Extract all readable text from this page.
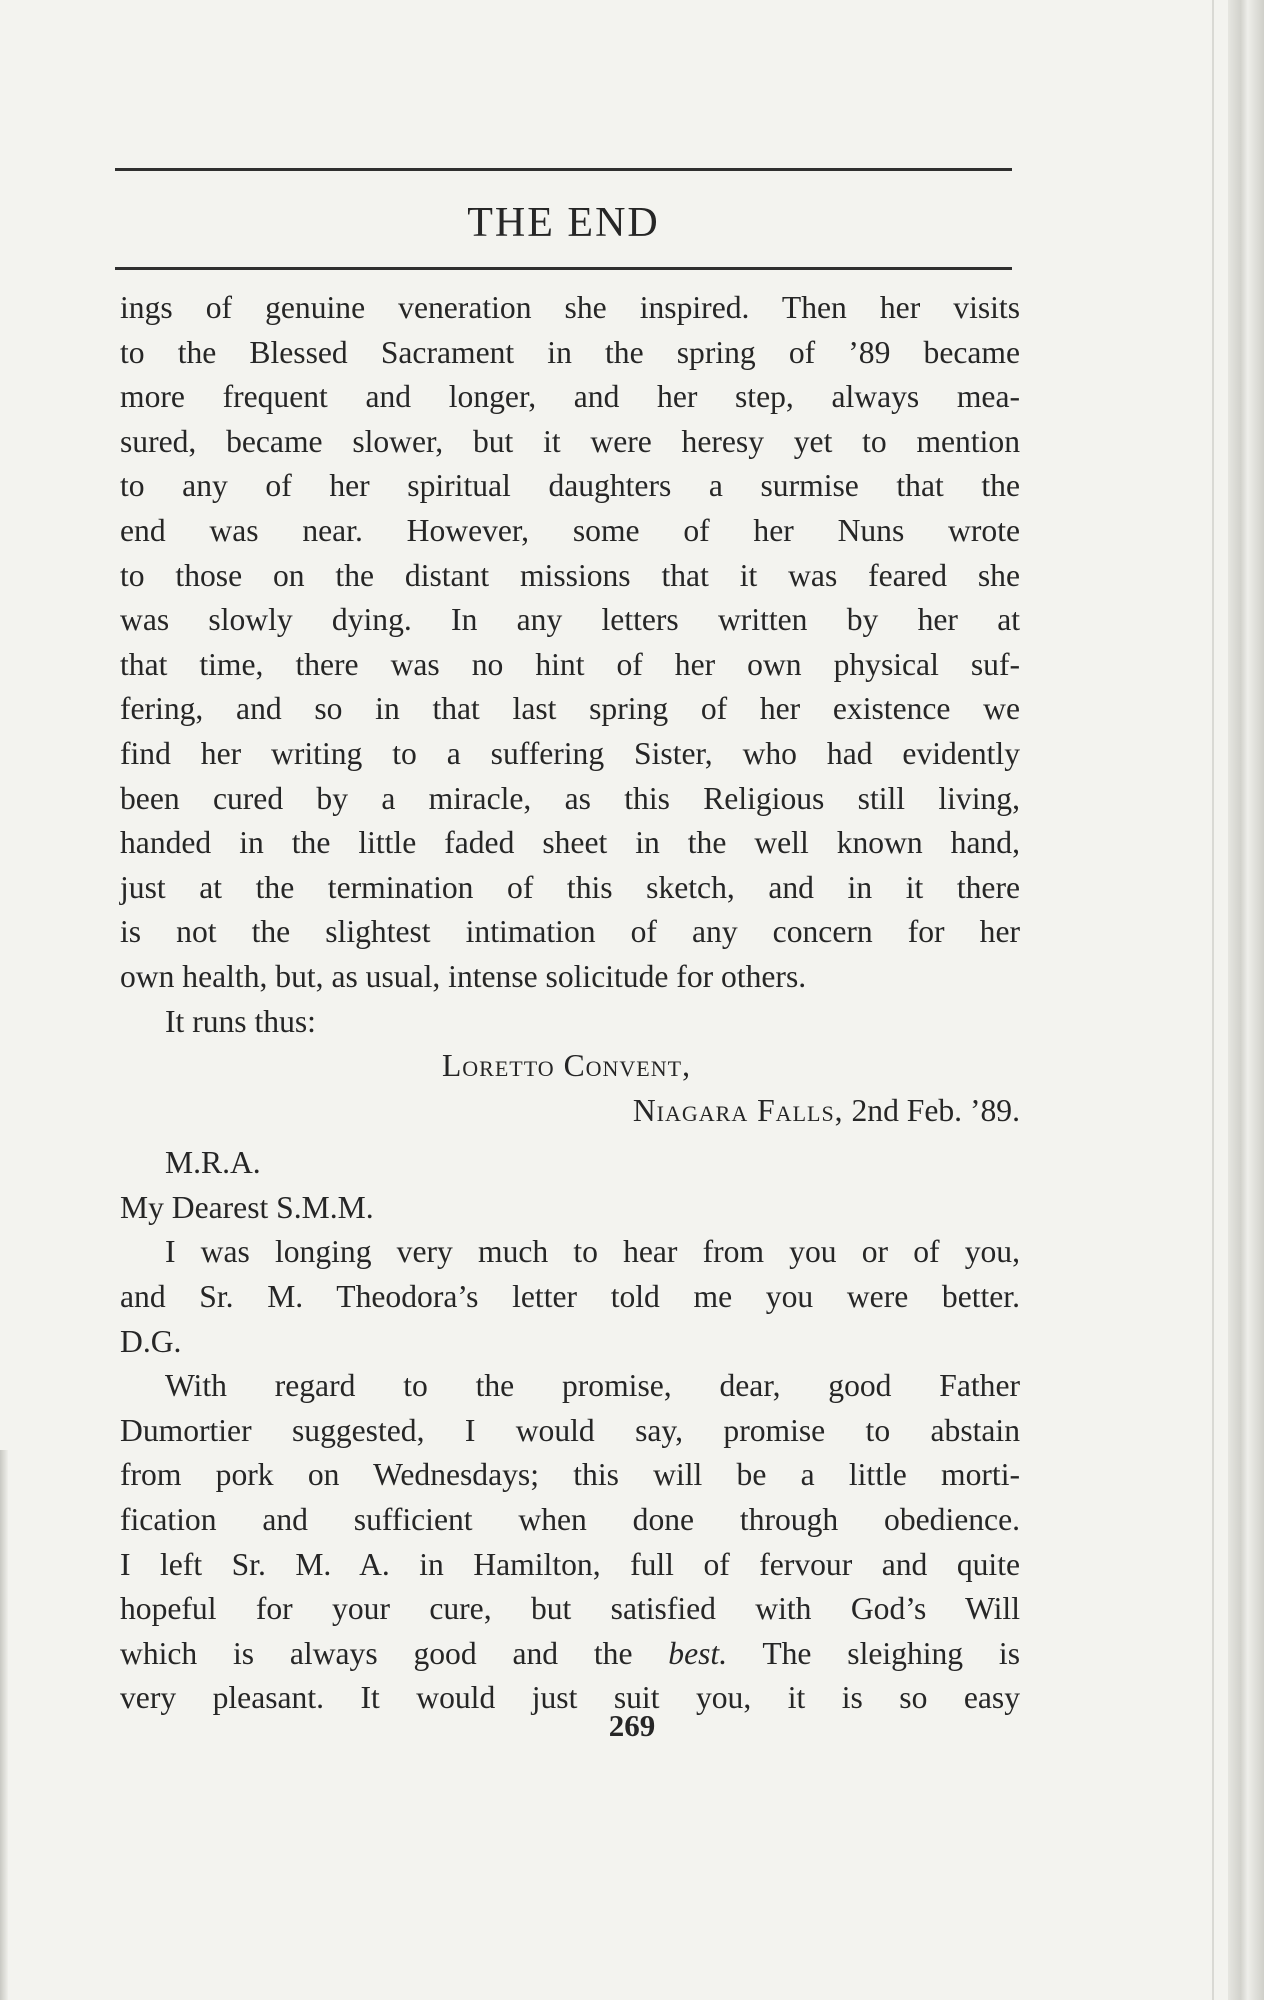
THE END
ings of genuine veneration she inspired. Then her visits
to the Blessed Sacrament in the spring of ’89 became
more frequent and longer, and her step, always mea-
sured, became slower, but it were heresy yet to mention
to any of her spiritual daughters a surmise that the
end was near. However, some of her Nuns wrote
to those on the distant missions that it was feared she
was slowly dying. In any letters written by her at
that time, there was no hint of her own physical suf-
fering, and so in that last spring of her existence we
find her writing to a suffering Sister, who had evidently
been cured by a miracle, as this Religious still living,
handed in the little faded sheet in the well known hand,
just at the termination of this sketch, and in it there
is not the slightest intimation of any concern for her
own health, but, as usual, intense solicitude for others.
It runs thus:
Loretto Convent,
Niagara Falls, 2nd Feb. ’89.
M.R.A.
My Dearest S.M.M.
I was longing very much to hear from you or of you,
and Sr. M. Theodora’s letter told me you were better.
D.G.
With regard to the promise, dear, good Father
Dumortier suggested, I would say, promise to abstain
from pork on Wednesdays; this will be a little morti-
fication and sufficient when done through obedience.
I left Sr. M. A. in Hamilton, full of fervour and quite
hopeful for your cure, but satisfied with God’s Will
which is always good and the best. The sleighing is
very pleasant. It would just suit you, it is so easy
269
